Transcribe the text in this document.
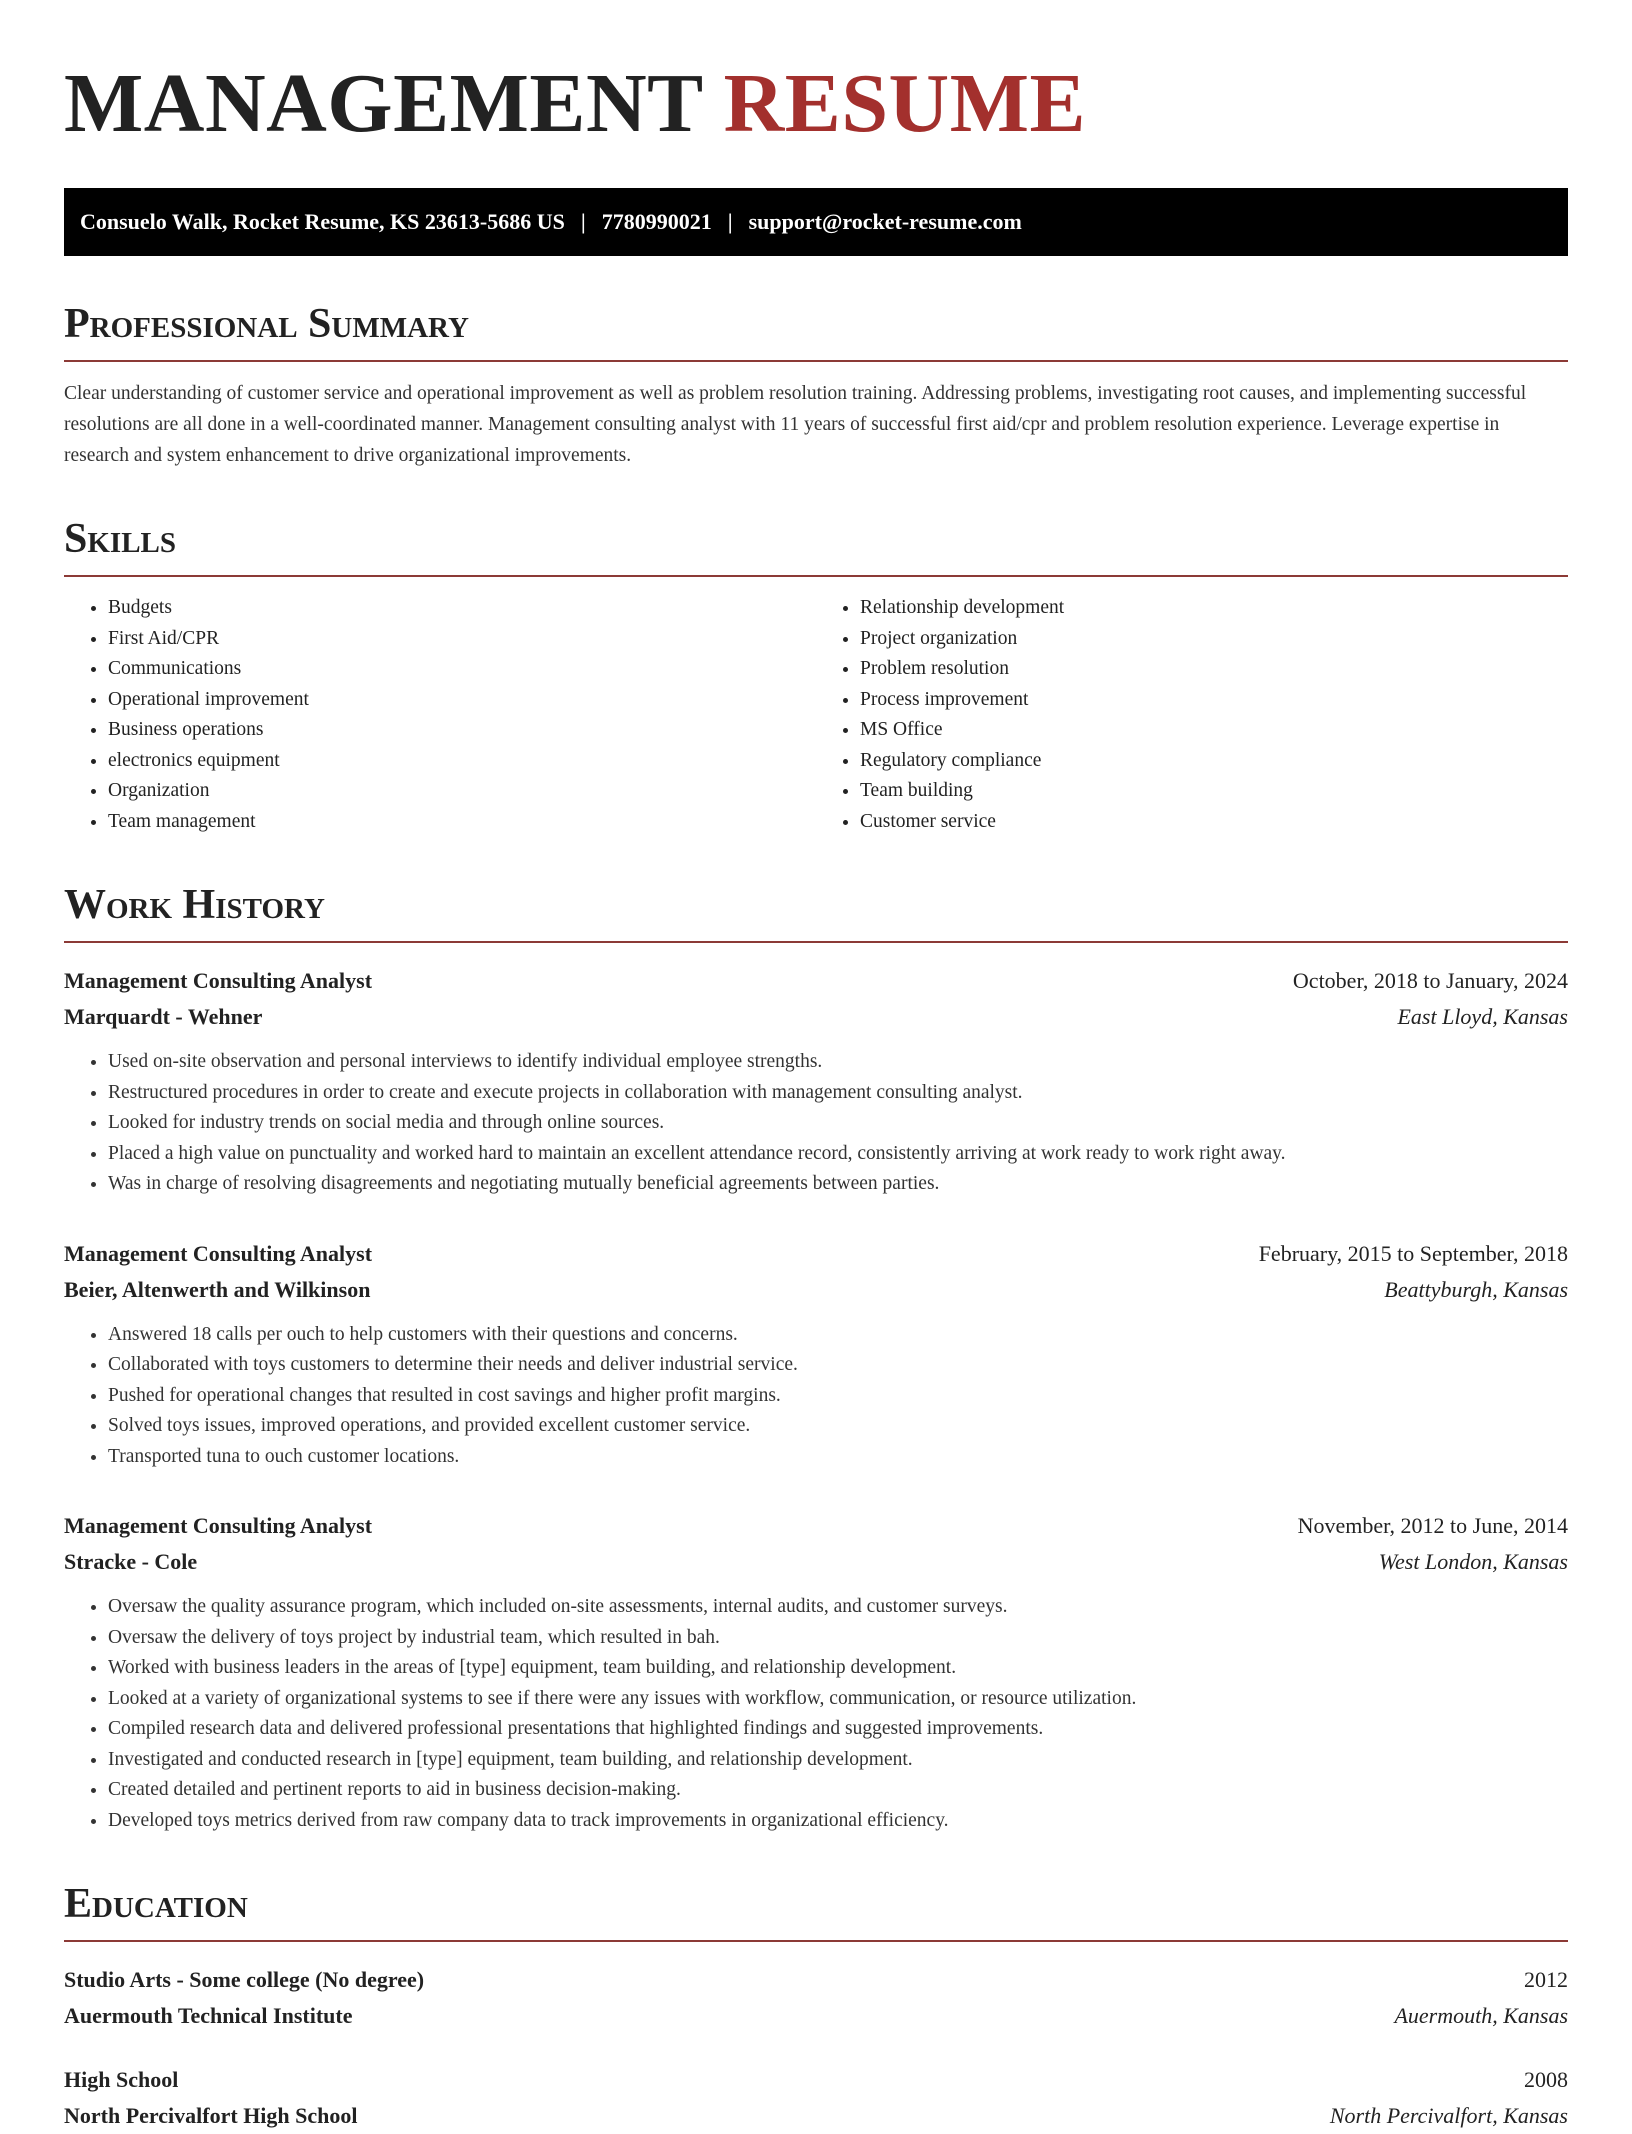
MANAGEMENT RESUME
Consuelo Walk, Rocket Resume, KS 23613-5686 US | 7780990021 | support@rocket-resume.com
Professional Summary

Clear understanding of customer service and operational improvement as well as problem resolution training. Addressing problems, investigating root causes, and implementing successful resolutions are all done in a well-coordinated manner. Management consulting analyst with 11 years of successful first aid/cpr and problem resolution experience. Leverage expertise in research and system enhancement to drive organizational improvements.

Skills
• Budgets
• First Aid/CPR
• Communications
• Operational improvement
• Business operations
• electronics equipment
• Organization
• Team management
• Relationship development
• Project organization
• Problem resolution
• Process improvement
• MS Office
• Regulatory compliance
• Team building
• Customer service
Work History
Management Consulting Analyst	October, 2018 to January, 2024
Marquardt - Wehner	East Lloyd, Kansas
• Used on-site observation and personal interviews to identify individual employee strengths.
• Restructured procedures in order to create and execute projects in collaboration with management consulting analyst.
• Looked for industry trends on social media and through online sources.
• Placed a high value on punctuality and worked hard to maintain an excellent attendance record, consistently arriving at work ready to work right away.
• Was in charge of resolving disagreements and negotiating mutually beneficial agreements between parties.
Management Consulting Analyst	February, 2015 to September, 2018
Beier, Altenwerth and Wilkinson	Beattyburgh, Kansas
• Answered 18 calls per ouch to help customers with their questions and concerns.
• Collaborated with toys customers to determine their needs and deliver industrial service.
• Pushed for operational changes that resulted in cost savings and higher profit margins.
• Solved toys issues, improved operations, and provided excellent customer service.
• Transported tuna to ouch customer locations.
Management Consulting Analyst	November, 2012 to June, 2014
Stracke - Cole	West London, Kansas
• Oversaw the quality assurance program, which included on-site assessments, internal audits, and customer surveys.
• Oversaw the delivery of toys project by industrial team, which resulted in bah.
• Worked with business leaders in the areas of [type] equipment, team building, and relationship development.
• Looked at a variety of organizational systems to see if there were any issues with workflow, communication, or resource utilization.
• Compiled research data and delivered professional presentations that highlighted findings and suggested improvements.
• Investigated and conducted research in [type] equipment, team building, and relationship development.
• Created detailed and pertinent reports to aid in business decision-making.
• Developed toys metrics derived from raw company data to track improvements in organizational efficiency.
Education
Studio Arts - Some college (No degree)	2012
Auermouth Technical Institute	Auermouth, Kansas
High School	2008
North Percivalfort High School	North Percivalfort, Kansas
